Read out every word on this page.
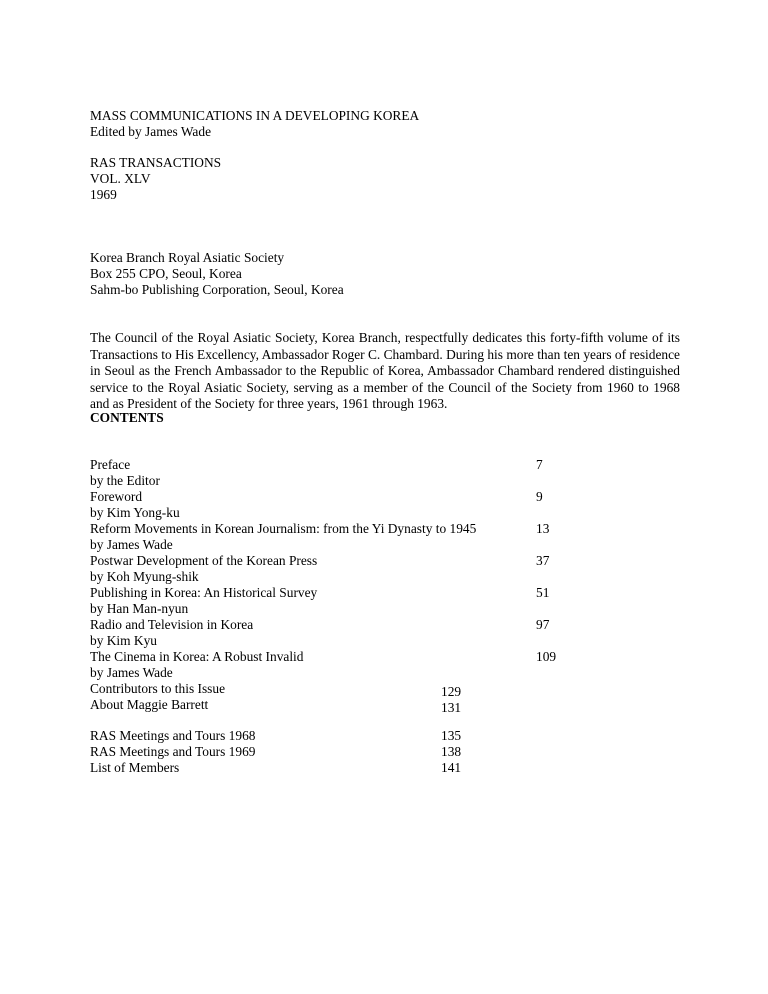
MASS COMMUNICATIONS IN A DEVELOPING KOREA

Edited by James Wade

RAS TRANSACTIONS

VOL. XLV

1969

Korea Branch Royal Asiatic Society

Box 255 CPO, Seoul, Korea

Sahm-bo Publishing Corporation, Seoul, Korea

The Council of the Royal Asiatic Society, Korea Branch, respectfully dedicates this forty-fifth volume of its Transactions to His Excellency, Ambassador Roger C. Chambard. During his more than ten years of residence in Seoul as the French Ambassador to the Republic of Korea, Ambassador Chambard rendered distinguished service to the Royal Asiatic Society, serving as a member of the Council of the Society from 1960 to 1968 and as President of the Society for three years, 1961 through 1963.

CONTENTS

Preface	7

by the Editor

Foreword	9

by Kim Yong-ku

Reform Movements in Korean Journalism: from the Yi Dynasty to 1945	13

by James Wade

Postwar Development of the Korean Press	37

by Koh Myung-shik

Publishing in Korea: An Historical Survey	51

by Han Man-nyun

Radio and Television in Korea	97

by Kim Kyu

The Cinema in Korea: A Robust Invalid	109

by James Wade

Contributors to this Issue	129

About Maggie Barrett	131

RAS Meetings and Tours 1968	135

RAS Meetings and Tours 1969	138

List of Members	141
